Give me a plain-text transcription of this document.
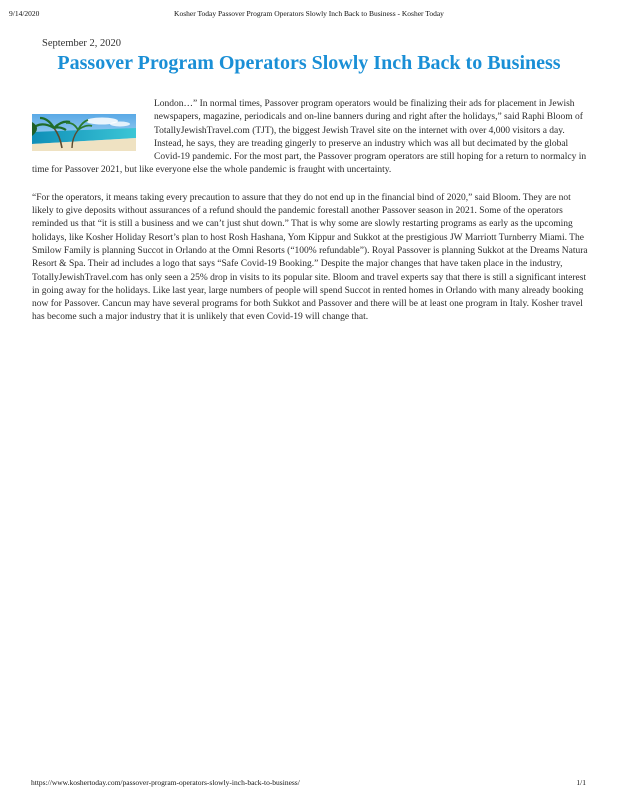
9/14/2020	Kosher Today Passover Program Operators Slowly Inch Back to Business - Kosher Today
September 2, 2020
Passover Program Operators Slowly Inch Back to Business

London…” In normal times, Passover program operators would be finalizing their ads for placement in Jewish newspapers, magazine, periodicals and on-line banners during and right after the holidays,” said Raphi Bloom of TotallyJewishTravel.com (TJT), the biggest Jewish Travel site on the internet with over 4,000 visitors a day. Instead, he says, they are treading gingerly to preserve an industry which was all but decimated by the global Covid-19 pandemic. For the most part, the Passover program operators are still hoping for a return to normalcy in time for Passover 2021, but like everyone else the whole pandemic is fraught with uncertainty.

“For the operators, it means taking every precaution to assure that they do not end up in the financial bind of 2020,” said Bloom. They are not likely to give deposits without assurances of a refund should the pandemic forestall another Passover season in 2021. Some of the operators reminded us that “it is still a business and we can’t just shut down.” That is why some are slowly restarting programs as early as the upcoming holidays, like Kosher Holiday Resort’s plan to host Rosh Hashana, Yom Kippur and Sukkot at the prestigious JW Marriott Turnberry Miami. The Smilow Family is planning Succot in Orlando at the Omni Resorts (“100% refundable”). Royal Passover is planning Sukkot at the Dreams Natura Resort & Spa. Their ad includes a logo that says “Safe Covid-19 Booking.” Despite the major changes that have taken place in the industry, TotallyJewishTravel.com has only seen a 25% drop in visits to its popular site. Bloom and travel experts say that there is still a significant interest in going away for the holidays. Like last year, large numbers of people will spend Succot in rented homes in Orlando with many already booking now for Passover. Cancun may have several programs for both Sukkot and Passover and there will be at least one program in Italy. Kosher travel has become such a major industry that it is unlikely that even Covid-19 will change that.

https://www.koshertoday.com/passover-program-operators-slowly-inch-back-to-business/	1/1
